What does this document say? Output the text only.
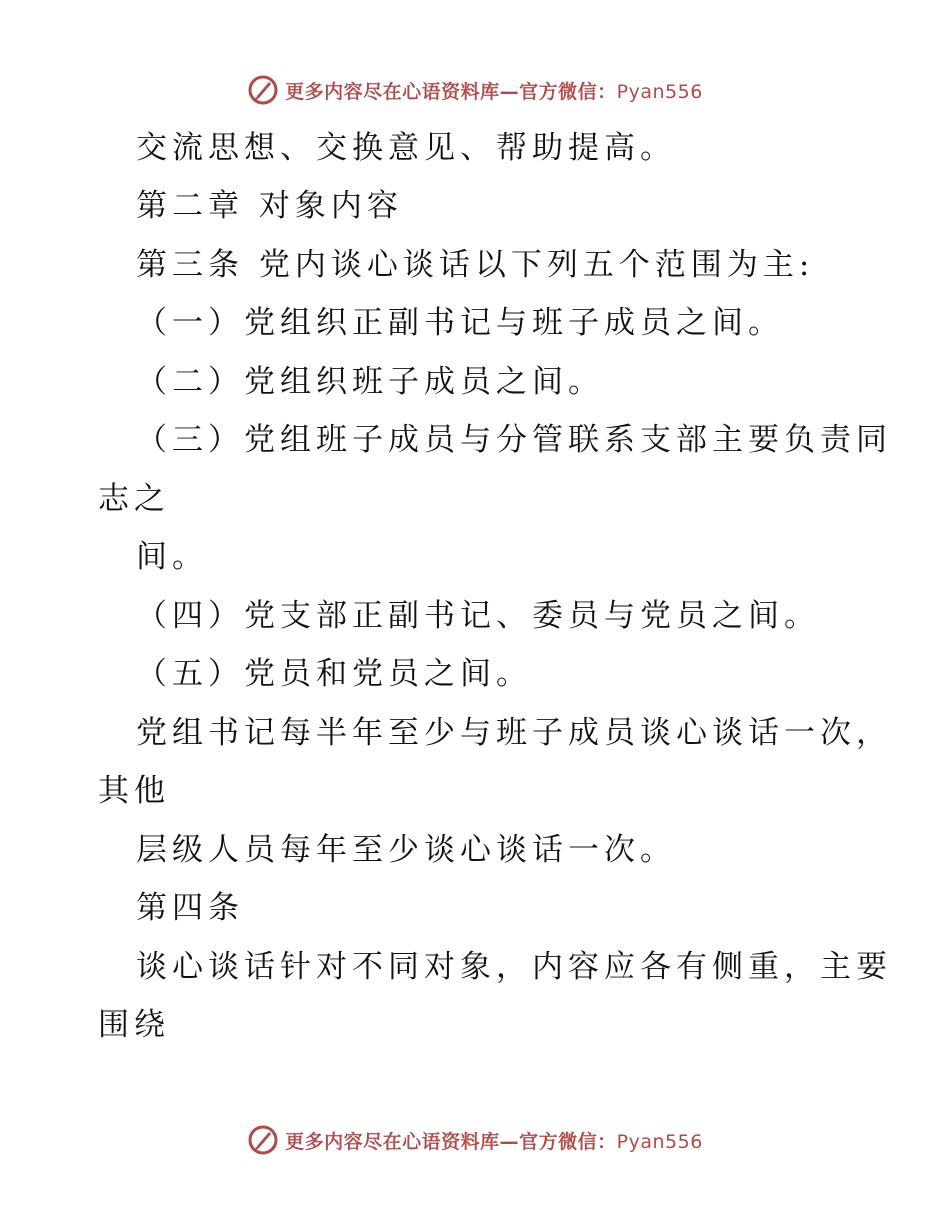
更多内容尽在心语资料库—官方微信：Pyan556
交流思想、交换意见、帮助提高。
第二章 对象内容
第三条 党内谈心谈话以下列五个范围为主:
（一）党组织正副书记与班子成员之间。
（二）党组织班子成员之间。
（三）党组班子成员与分管联系支部主要负责同
志之
间。
（四）党支部正副书记、委员与党员之间。
（五）党员和党员之间。
党组书记每半年至少与班子成员谈心谈话一次，
其他
层级人员每年至少谈心谈话一次。
第四条
谈心谈话针对不同对象，内容应各有侧重，主要
围绕
更多内容尽在心语资料库—官方微信：Pyan556
